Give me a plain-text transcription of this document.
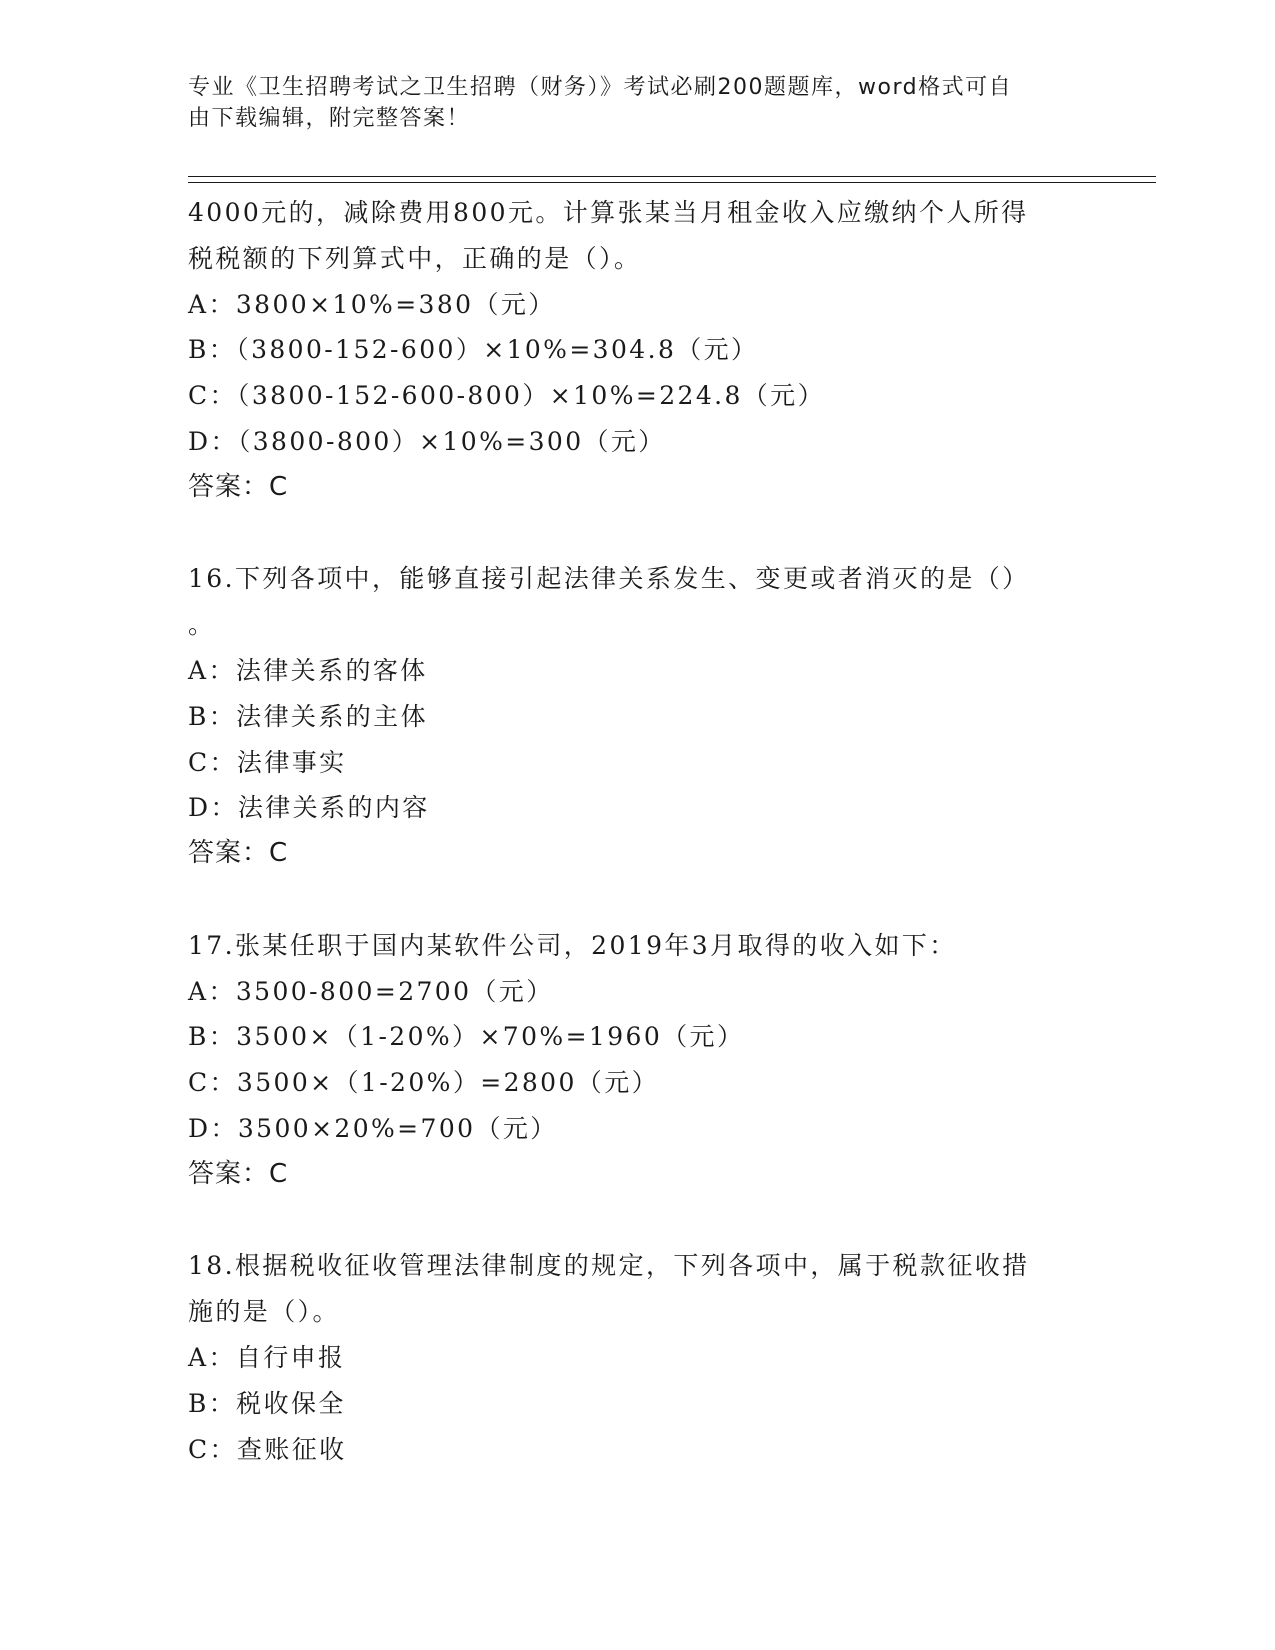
专业《卫生招聘考试之卫生招聘（财务）》考试必刷200题题库，word格式可自
由下载编辑，附完整答案！
4000元的，减除费用800元。计算张某当月租金收入应缴纳个人所得
税税额的下列算式中，正确的是（）。
A：3800×10%=380（元）
B：（3800-152-600）×10%=304.8（元）
C：（3800-152-600-800）×10%=224.8（元）
D：（3800-800）×10%=300（元）
答案：C
16.下列各项中，能够直接引起法律关系发生、变更或者消灭的是（）
。
A：法律关系的客体
B：法律关系的主体
C：法律事实
D：法律关系的内容
答案：C
17.张某任职于国内某软件公司，2019年3月取得的收入如下：
A：3500-800=2700（元）
B：3500×（1-20%）×70%=1960（元）
C：3500×（1-20%）=2800（元）
D：3500×20%=700（元）
答案：C
18.根据税收征收管理法律制度的规定，下列各项中，属于税款征收措
施的是（）。
A：自行申报
B：税收保全
C：查账征收
